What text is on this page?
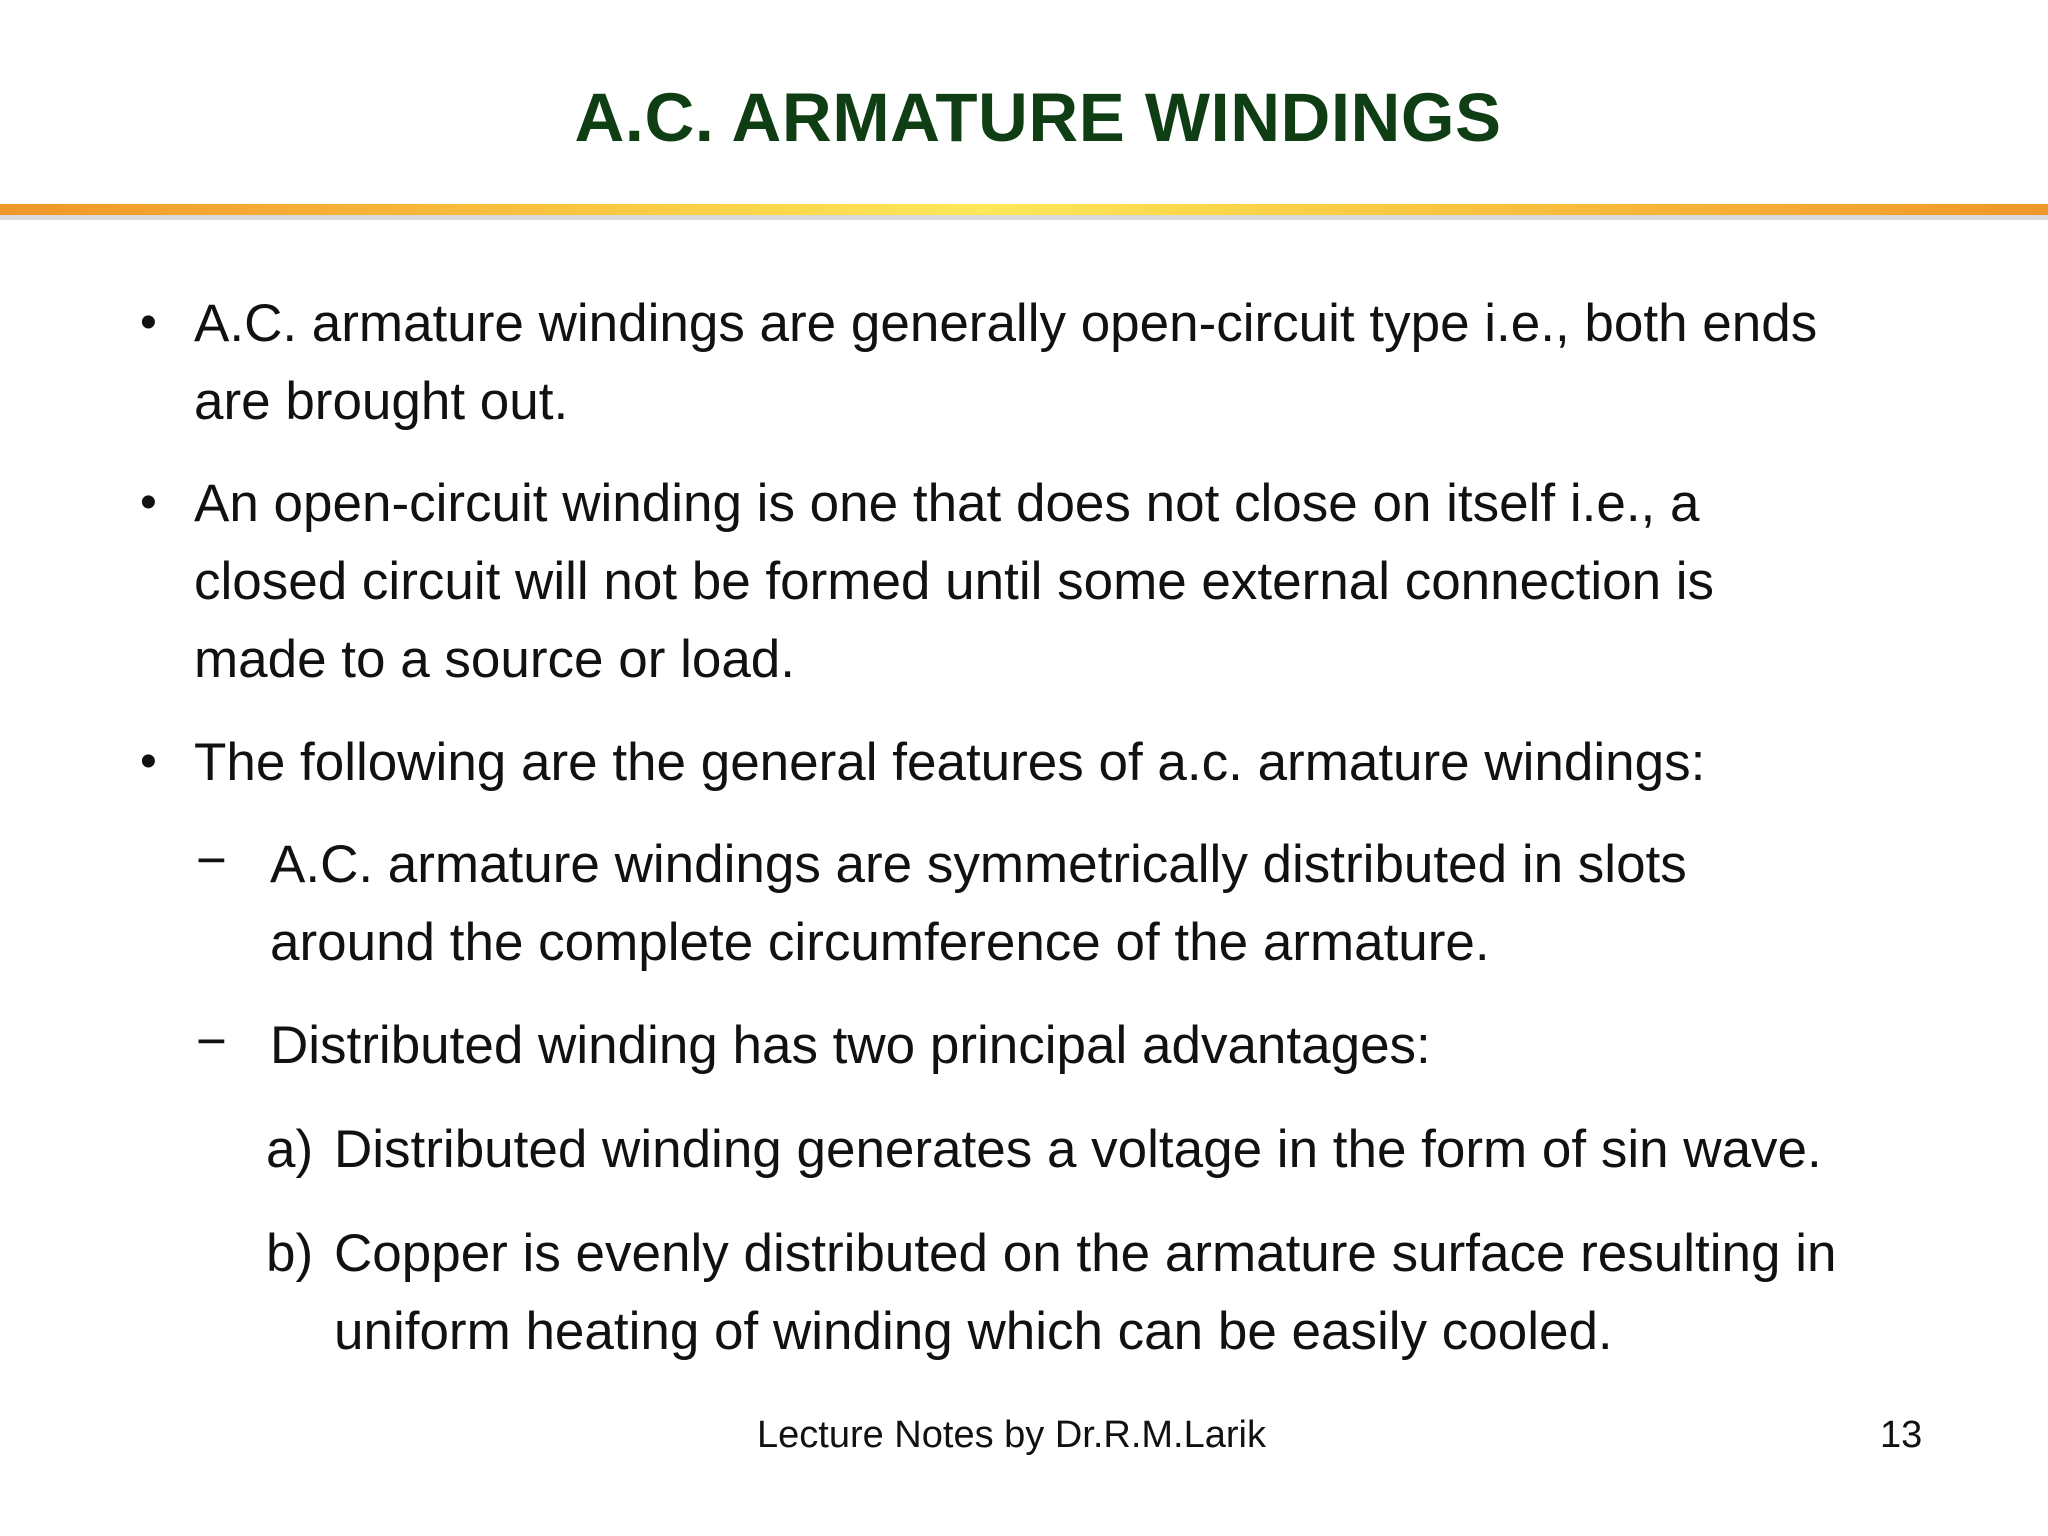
A.C. ARMATURE WINDINGS
• A.C. armature windings are generally open-circuit type i.e., both ends
are brought out.
• An open-circuit winding is one that does not close on itself i.e., a
closed circuit will not be formed until some external connection is
made to a source or load.
• The following are the general features of a.c. armature windings:
− A.C. armature windings are symmetrically distributed in slots
around the complete circumference of the armature.
− Distributed winding has two principal advantages:
a) Distributed winding generates a voltage in the form of sin wave.
b) Copper is evenly distributed on the armature surface resulting in
uniform heating of winding which can be easily cooled.
Lecture Notes by Dr.R.M.Larik	13
